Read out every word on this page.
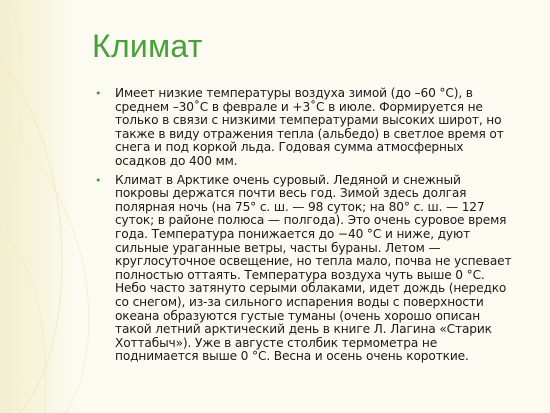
Климат
• Имеет низкие температуры воздуха зимой (до –60 °С), в среднем –30˚С в феврале и +3˚С в июле. Формируется не только в связи с низкими температурами высоких широт, но также в виду отражения тепла (альбедо) в светлое время от снега и под коркой льда. Годовая сумма атмосферных осадков до 400 мм.
• Климат в Арктике очень суровый. Ледяной и снежный покровы держатся почти весь год. Зимой здесь долгая полярная ночь (на 75° с. ш. — 98 суток; на 80° с. ш. — 127 суток; в районе полюса — полгода). Это очень суровое время года. Температура понижается до −40 °C и ниже, дуют сильные ураганные ветры, часты бураны. Летом — круглосуточное освещение, но тепла мало, почва не успевает полностью оттаять. Температура воздуха чуть выше 0 °C. Небо часто затянуто серыми облаками, идет дождь (нередко со снегом), из-за сильного испарения воды с поверхности океана образуются густые туманы (очень хорошо описан такой летний арктический день в книге Л. Лагина «Старик Хоттабыч»). Уже в августе столбик термометра не поднимается выше 0 °C. Весна и осень очень короткие.
